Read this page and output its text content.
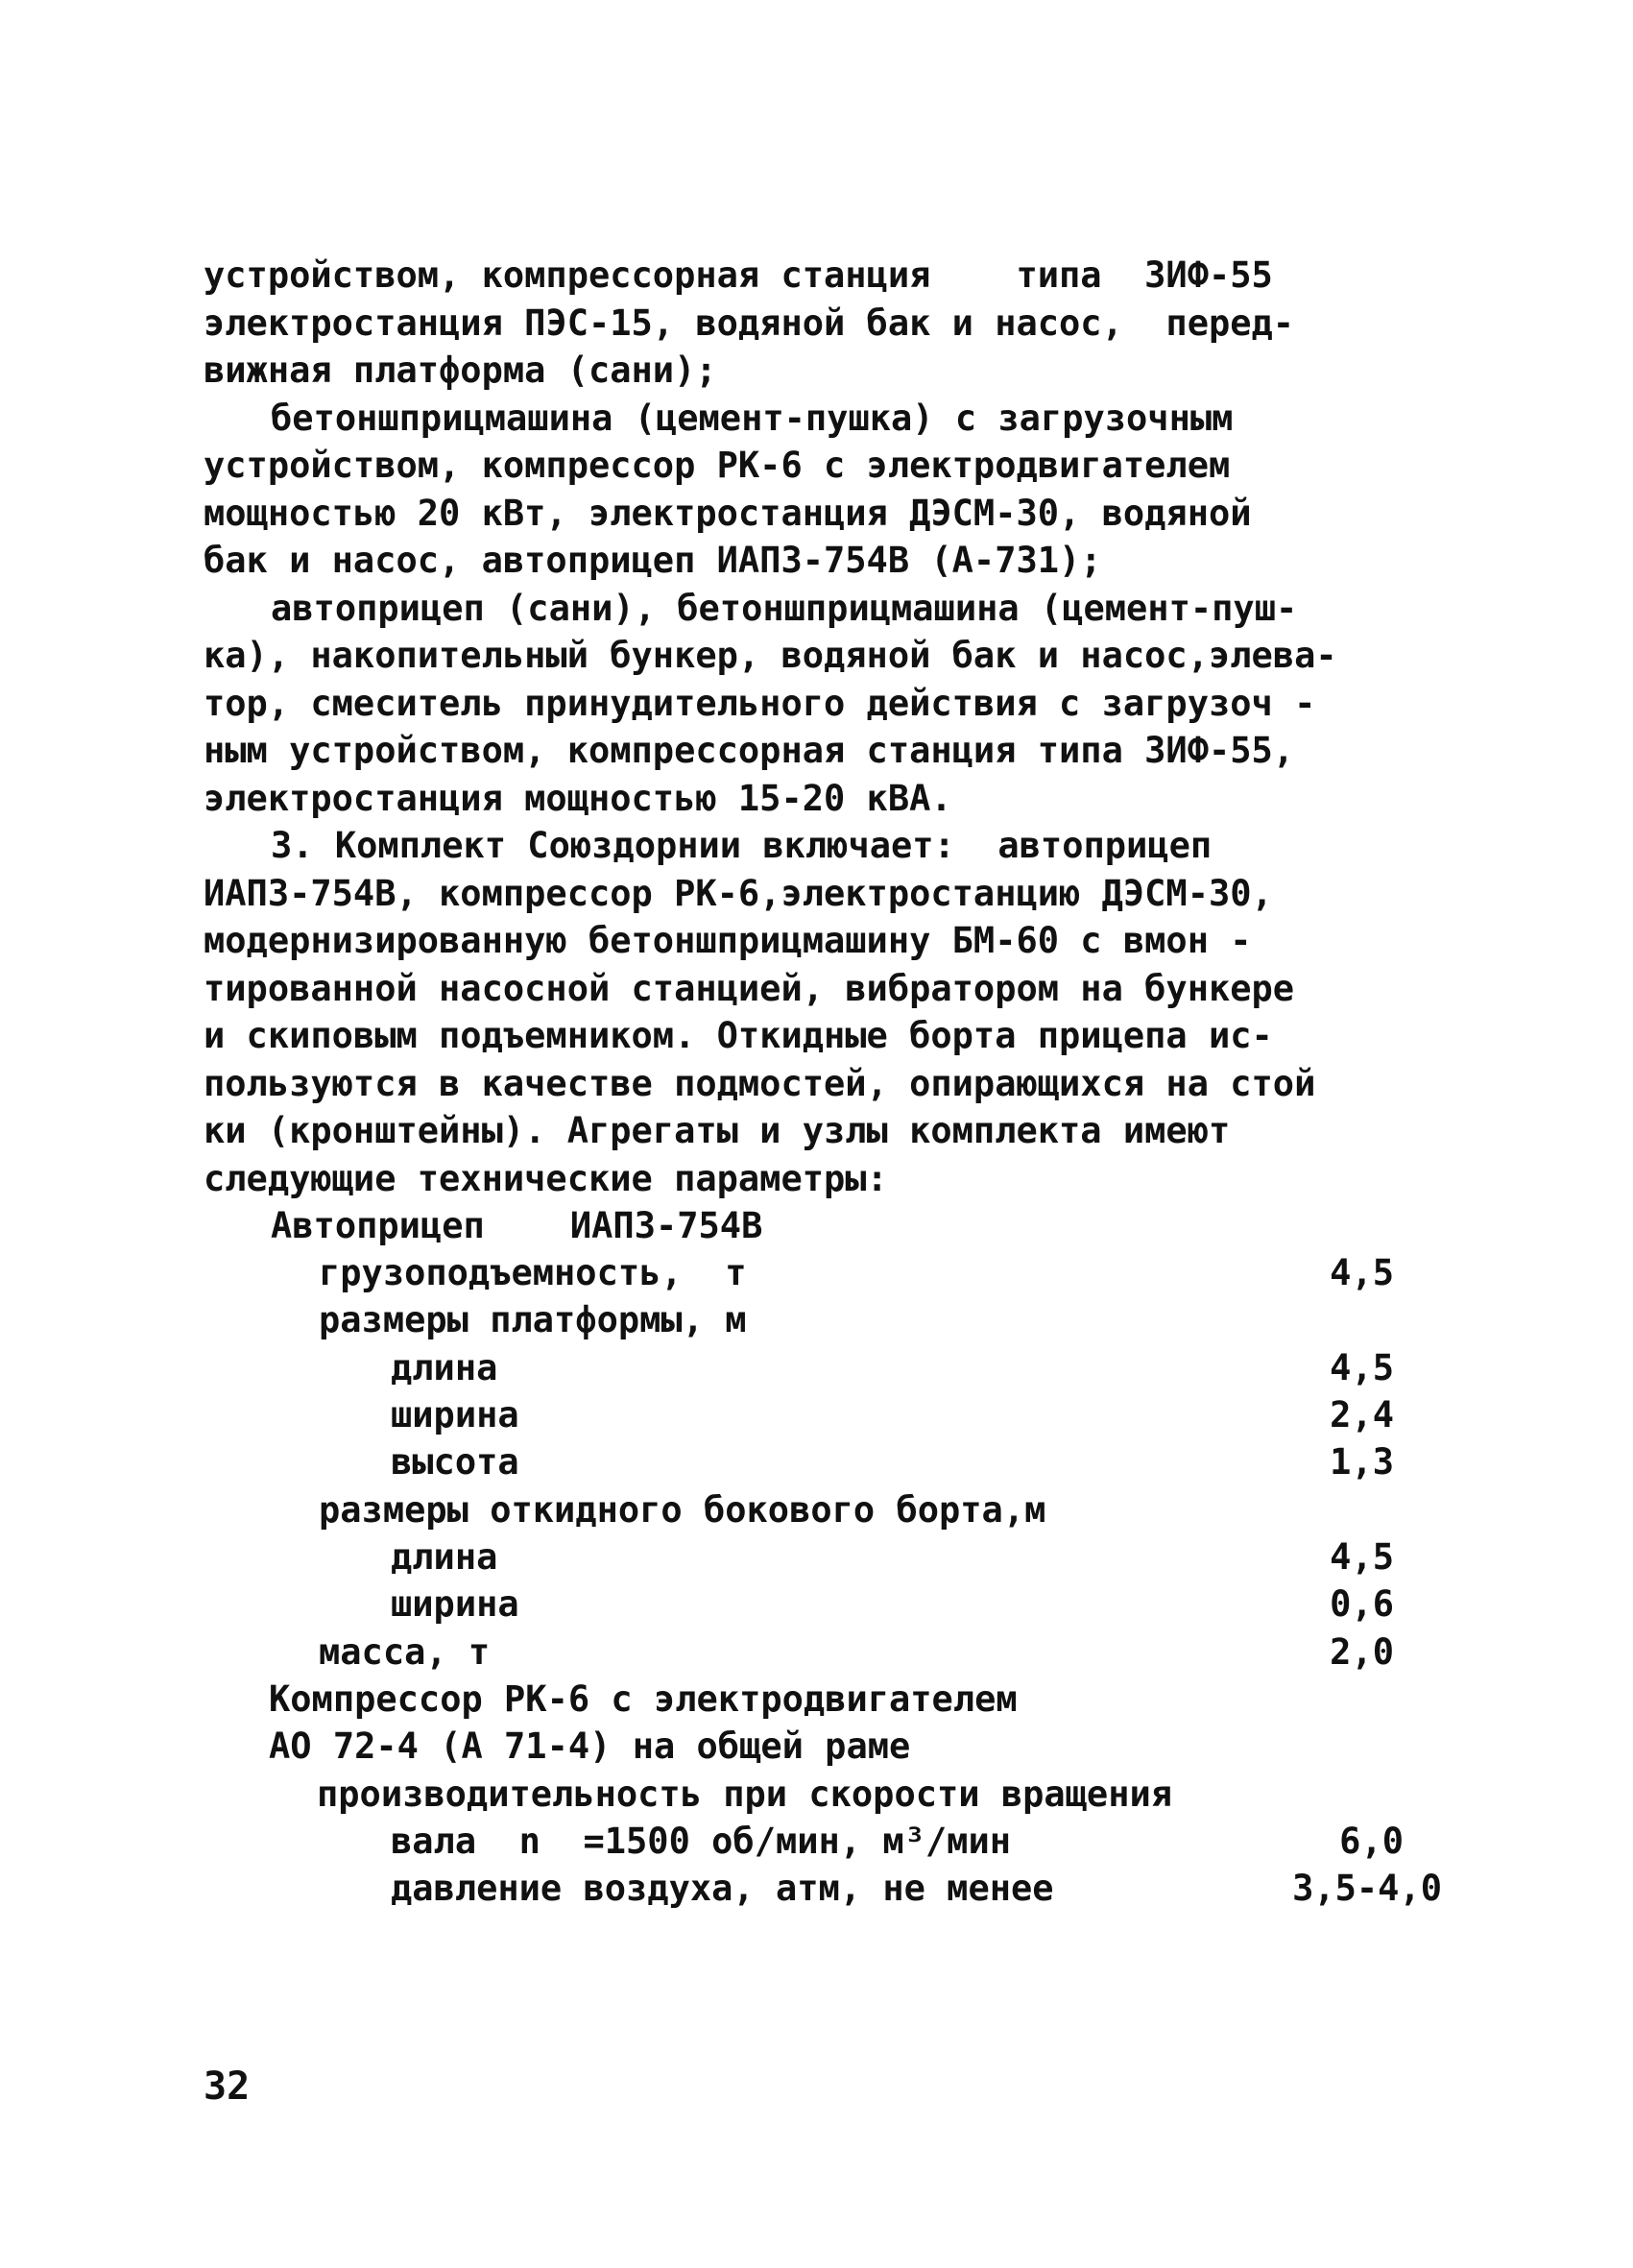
устройством, компрессорная станция    типа  ЗИФ-55
электростанция ПЭС-15, водяной бак и насос,  перед-
вижная платформа (сани);
бетоншприцмашина (цемент-пушка) с загрузочным
устройством, компрессор РК-6 с электродвигателем
мощностью 20 кВт, электростанция ДЭСМ-30, водяной
бак и насос, автоприцеп ИАПЗ-754В (А-731);
автоприцеп (сани), бетоншприцмашина (цемент-пуш-
ка), накопительный бункер, водяной бак и насос,элева-
тор, смеситель принудительного действия с загрузоч -
ным устройством, компрессорная станция типа ЗИФ-55,
электростанция мощностью 15-20 кВА.
3. Комплект Союздорнии включает:  автоприцеп
ИАПЗ-754В, компрессор РК-6,электростанцию ДЭСМ-30,
модернизированную бетоншприцмашину БМ-60 с вмон -
тированной насосной станцией, вибратором на бункере
и скиповым подъемником. Откидные борта прицепа ис-
пользуются в качестве подмостей, опирающихся на стой
ки (кронштейны). Агрегаты и узлы комплекта имеют
следующие технические параметры:
Автоприцеп    ИАПЗ-754В
грузоподъемность,  т	4,5
размеры платформы, м
длина	4,5
ширина	2,4
высота	1,3
размеры откидного бокового борта,м
длина	4,5
ширина	0,6
масса, т	2,0
Компрессор РК-6 с электродвигателем
АО 72-4 (А 71-4) на общей раме
производительность при скорости вращения
вала  n  =1500 об/мин, м³/мин	6,0
давление воздуха, атм, не менее	3,5-4,0
32
